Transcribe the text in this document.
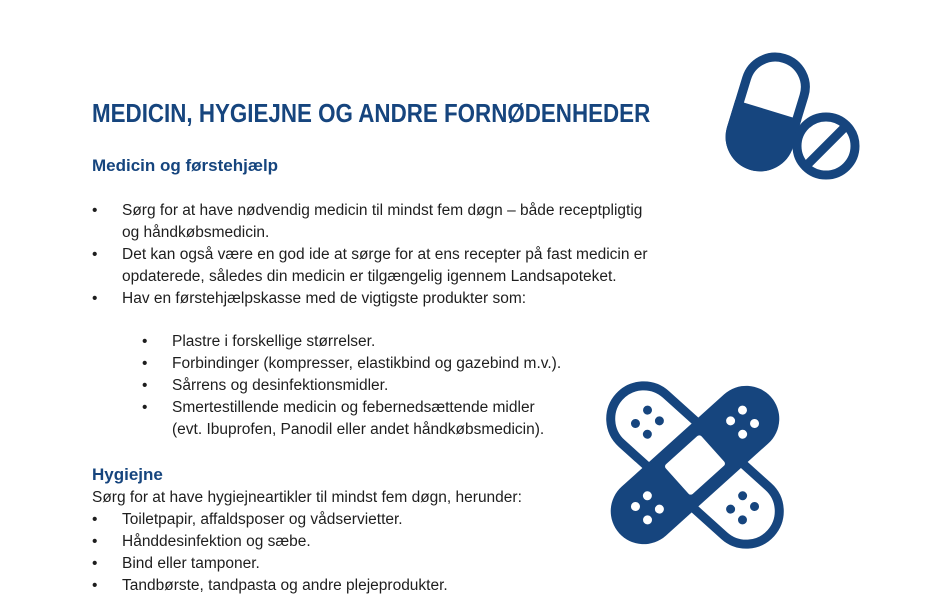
MEDICIN, HYGIEJNE OG ANDRE FORNØDENHEDER
Medicin og førstehjælp
• Sørg for at have nødvendig medicin til mindst fem døgn – både receptpligtig
og håndkøbsmedicin.
• Det kan også være en god ide at sørge for at ens recepter på fast medicin er
opdaterede, således din medicin er tilgængelig igennem Landsapoteket.
• Hav en førstehjælpskasse med de vigtigste produkter som:
• Plastre i forskellige størrelser.
• Forbindinger (kompresser, elastikbind og gazebind m.v.).
• Sårrens og desinfektionsmidler.
• Smertestillende medicin og febernedsættende midler
(evt. Ibuprofen, Panodil eller andet håndkøbsmedicin).
Hygiejne

Sørg for at have hygiejneartikler til mindst fem døgn, herunder:

• Toiletpapir, affaldsposer og vådservietter.
• Hånddesinfektion og sæbe.
• Bind eller tamponer.
• Tandbørste, tandpasta og andre plejeprodukter.
